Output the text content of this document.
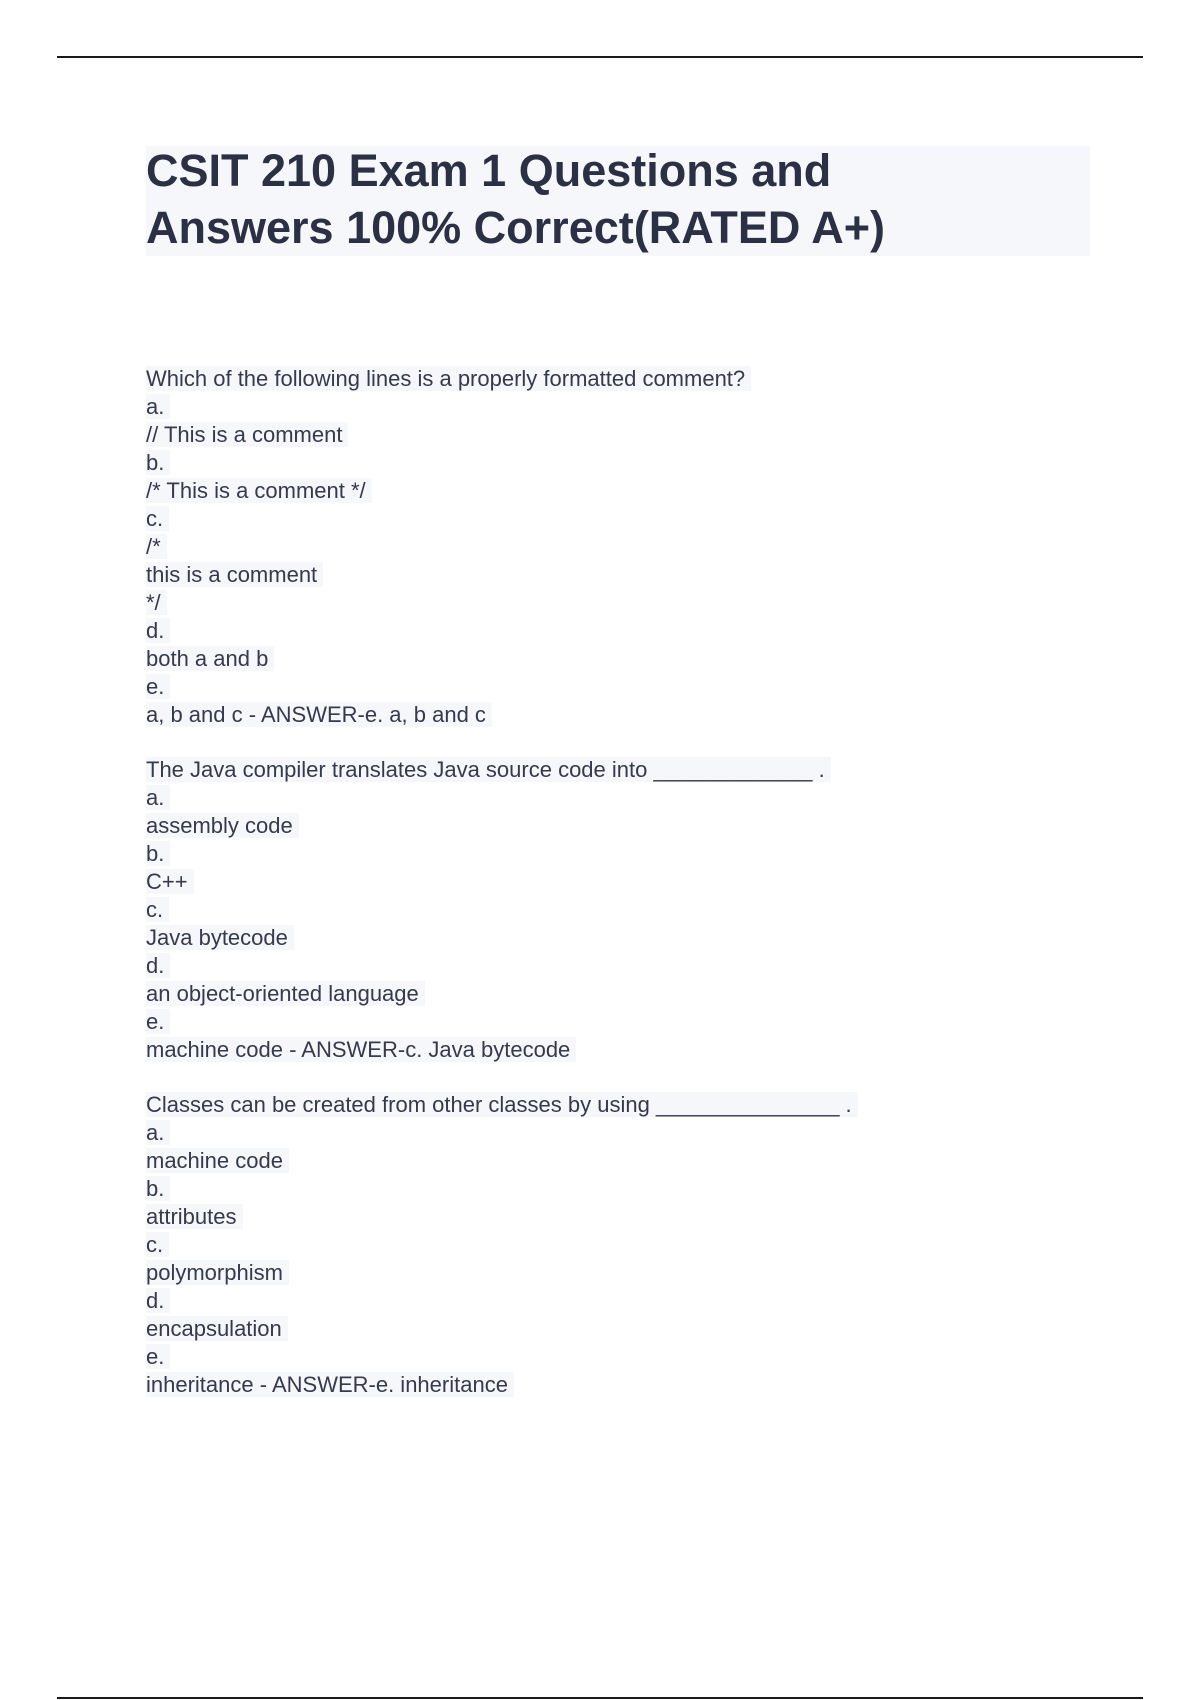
CSIT 210 Exam 1 Questions and
Answers 100% Correct(RATED A+)
Which of the following lines is a properly formatted comment?
a.
// This is a comment
b.
/* This is a comment */
c.
/*
this is a comment
*/
d.
both a and b
e.
a, b and c - ANSWER-e. a, b and c
The Java compiler translates Java source code into _____________ .
a.
assembly code
b.
C++
c.
Java bytecode
d.
an object-oriented language
e.
machine code - ANSWER-c. Java bytecode
Classes can be created from other classes by using _______________ .
a.
machine code
b.
attributes
c.
polymorphism
d.
encapsulation
e.
inheritance - ANSWER-e. inheritance
